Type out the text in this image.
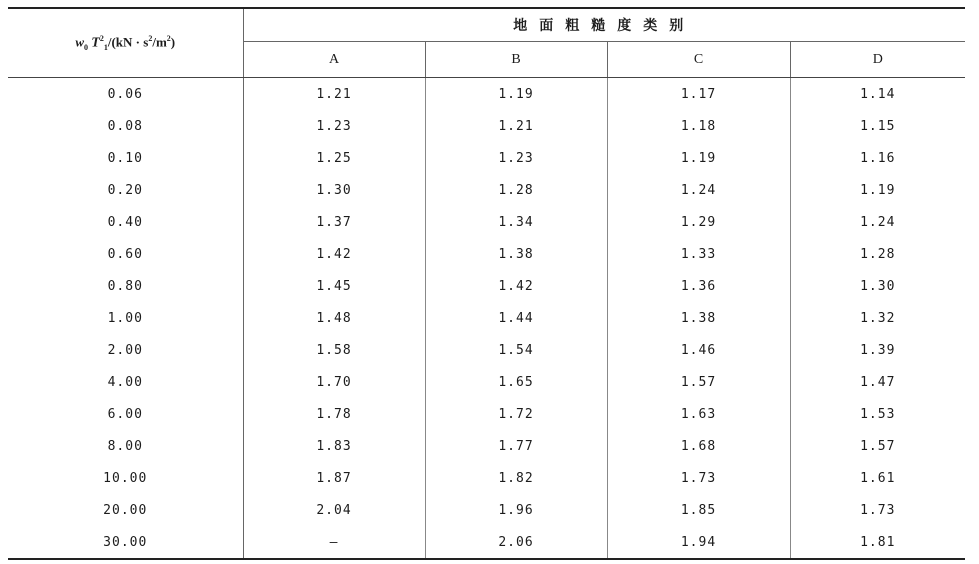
$w_0$ $T^2_1/(kN \cdot s^2/m^2)$	地面粗糙度类别			
	A	B	C	D
0.06	1.21	1.19	1.17	1.14
0.08	1.23	1.21	1.18	1.15
0.10	1.25	1.23	1.19	1.16
0.20	1.30	1.28	1.24	1.19
0.40	1.37	1.34	1.29	1.24
0.60	1.42	1.38	1.33	1.28
0.80	1.45	1.42	1.36	1.30
1.00	1.48	1.44	1.38	1.32
2.00	1.58	1.54	1.46	1.39
4.00	1.70	1.65	1.57	1.47
6.00	1.78	1.72	1.63	1.53
8.00	1.83	1.77	1.68	1.57
10.00	1.87	1.82	1.73	1.61
20.00	2.04	1.96	1.85	1.73
30.00	—	2.06	1.94	1.81
